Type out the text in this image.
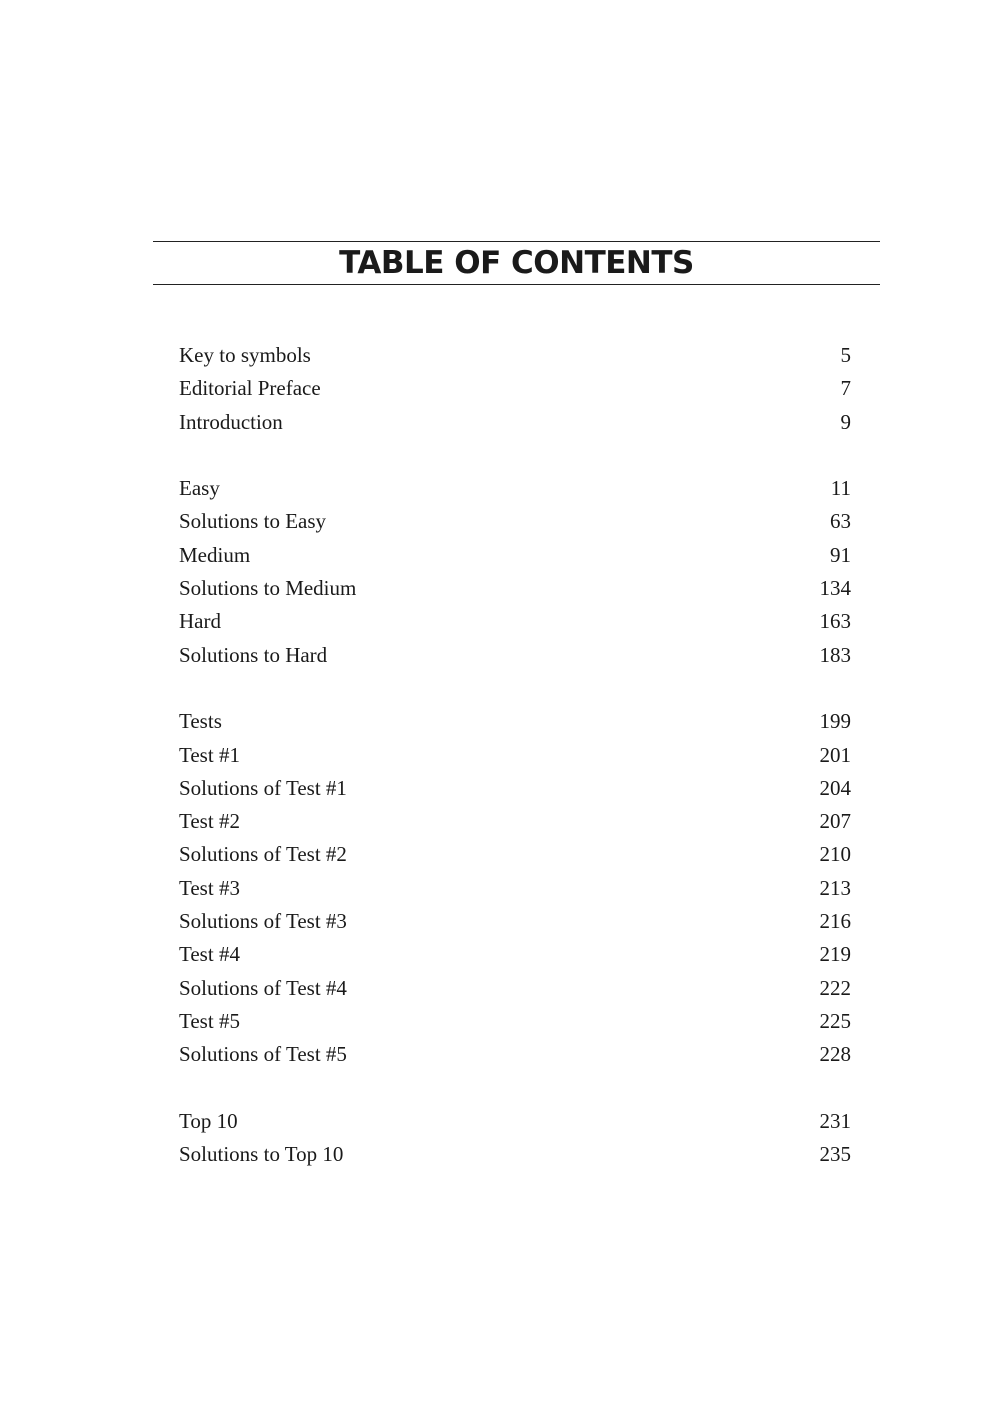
TABLE OF CONTENTS
Key to symbols	5
Editorial Preface	7
Introduction	9
Easy	11
Solutions to Easy	63
Medium	91
Solutions to Medium	134
Hard	163
Solutions to Hard	183
Tests	199
Test #1	201
Solutions of Test #1	204
Test #2	207
Solutions of Test #2	210
Test #3	213
Solutions of Test #3	216
Test #4	219
Solutions of Test #4	222
Test #5	225
Solutions of Test #5	228
Top 10	231
Solutions to Top 10	235
